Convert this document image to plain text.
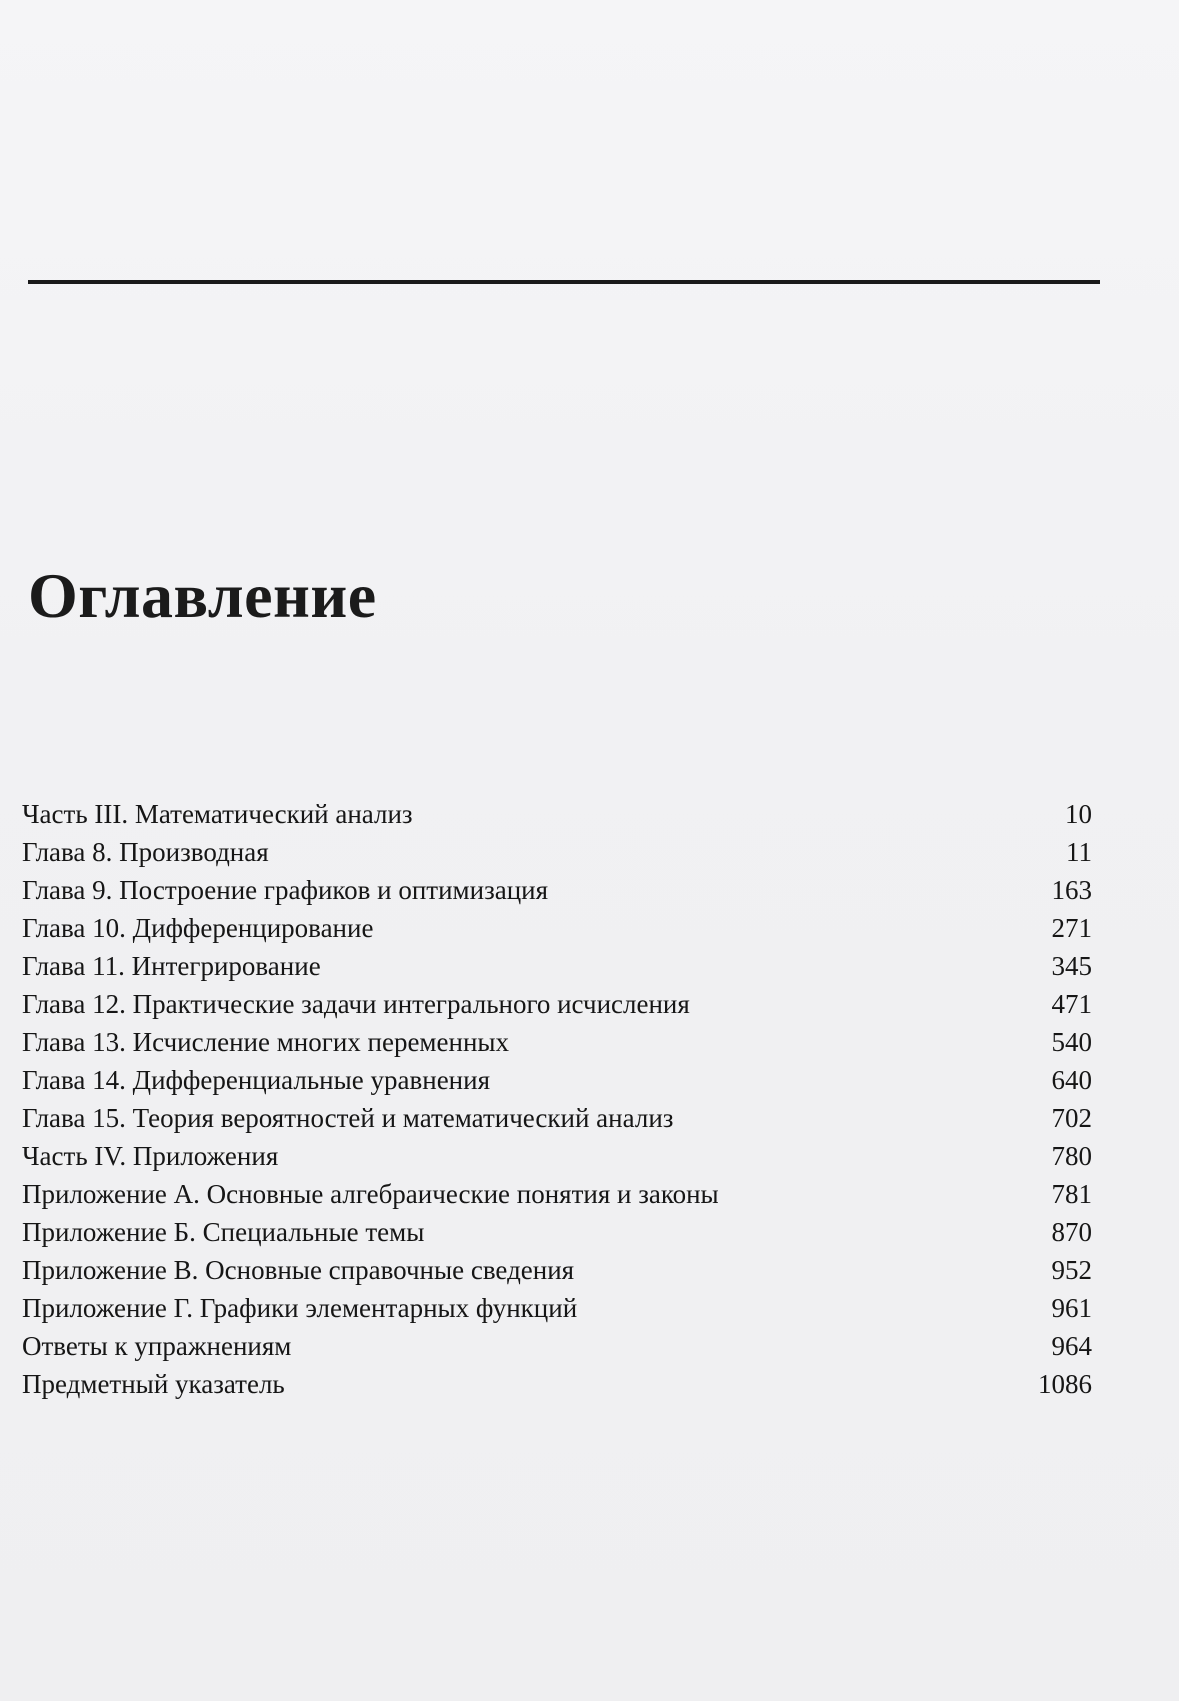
Оглавление
Часть III. Математический анализ	10
Глава 8. Производная	11
Глава 9. Построение графиков и оптимизация	163
Глава 10. Дифференцирование	271
Глава 11. Интегрирование	345
Глава 12. Практические задачи интегрального исчисления	471
Глава 13. Исчисление многих переменных	540
Глава 14. Дифференциальные уравнения	640
Глава 15. Теория вероятностей и математический анализ	702
Часть IV. Приложения	780
Приложение А. Основные алгебраические понятия и законы	781
Приложение Б. Специальные темы	870
Приложение В. Основные справочные сведения	952
Приложение Г. Графики элементарных функций	961
Ответы к упражнениям	964
Предметный указатель	1086
